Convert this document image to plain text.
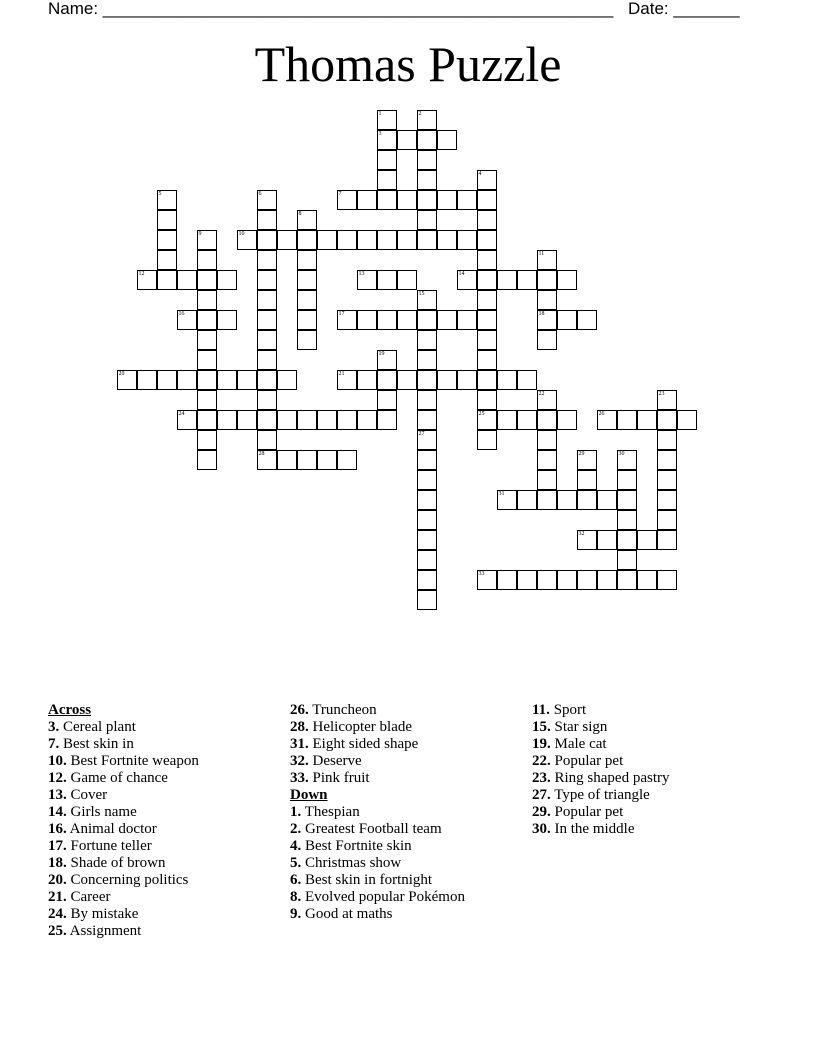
Name: ______________________________________________________ Date: _______
Thomas Puzzle
1
3
2
4
25
5	6
28
7
8
9	10
11
18
12	13	14
15
16	17
19
20	21
22	23
24	26
27
29	30
31
32
33
Across
3. Cereal plant
7. Best skin in
10. Best Fortnite weapon
12. Game of chance
13. Cover
14. Girls name
16. Animal doctor
17. Fortune teller
18. Shade of brown
20. Concerning politics
21. Career
24. By mistake
25. Assignment
26. Truncheon
28. Helicopter blade
31. Eight sided shape
32. Deserve
33. Pink fruit
Down
1. Thespian
2. Greatest Football team
4. Best Fortnite skin
5. Christmas show
6. Best skin in fortnight
8. Evolved popular Pokémon
9. Good at maths
11. Sport
15. Star sign
19. Male cat
22. Popular pet
23. Ring shaped pastry
27. Type of triangle
29. Popular pet
30. In the middle
